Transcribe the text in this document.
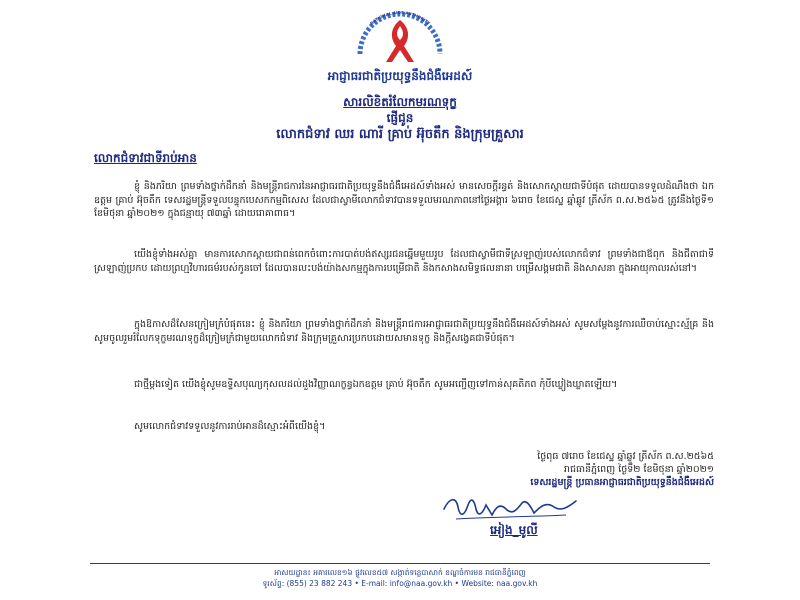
NATIONAL AIDS AUTHORITY
អាជ្ញាធរជាតិប្រយុទ្ធនឹងជំងឺអេដស៍
សារលិខិតរំលែកមរណទុក្ខ
ផ្ញើជូន
លោកជំទាវ ឈរ ណារី គ្រាប់ អ៊ុចតឹក និងក្រុមគ្រួសារ
លោកជំទាវជាទីរាប់អាន

ខ្ញុំ និងភរិយា ព្រមទាំងថ្នាក់ដឹកនាំ និងមន្រ្តីរាជការនៃអាជ្ញាធរជាតិប្រយុទ្ធនឹងជំងឺអេដស៍ទាំងអស់ មានសេចក្តីរន្ធត់ និងសោកស្តាយជាទីបំផុត ដោយបានទទួលដំណឹងថា ឯកឧត្តម គ្រាប់ អ៊ុចតឹក ទេសរដ្ឋមន្រ្តីទទួលបន្ទុកបេសកកម្មពិសេស ដែលជាស្វាមីលោកជំទាវបានទទួលមរណភាពនៅថ្ងៃអង្គារ ៦រោច ខែជេស្ឋ ឆ្នាំឆ្លូវ ត្រីស័ក ព.ស.២៥៦៥ ត្រូវនឹងថ្ងៃទី១ ខែមិថុនា ឆ្នាំ២០២១ ក្នុងជន្មាយុ ៧៣ឆ្នាំ ដោយរោគាពាធ។

យើងខ្ញុំទាំងអស់គ្នា មានការសោកស្តាយជាពន់ពេកចំពោះការបាត់បង់ឥស្សរជនឆ្នើមមួយរូប ដែលជាស្វាមីជាទីស្រឡាញ់របស់លោកជំទាវ ព្រមទាំងជាឪពុក និងជីតាជាទីស្រឡាញ់ប្រកប ដោយព្រហ្មវិហារធម៌របស់កូនចៅ ដែលបានលះបង់យ៉ាងសកម្មក្នុងការបម្រើជាតិ និងកសាងសមិទ្ធផលនានា បម្រើសង្គមជាតិ និងសាសនា ក្នុងអាយុកាលរស់នៅ។

ក្នុងឱកាសដ៏សែនក្រៀមក្រំបំផុតនេះ ខ្ញុំ និងភរិយា ព្រមទាំងថ្នាក់ដឹកនាំ និងមន្រ្តីរាជការអាជ្ញាធរជាតិប្រយុទ្ធនឹងជំងឺអេដស៍ទាំងអស់ សូមសម្តែងនូវការឈឺចាប់ស្មោះស្ម័គ្រ និងសូមចូលរួមរំលែកទុក្ខមរណទុក្ខដ៏ក្រៀមក្រំជាមួយលោកជំទាវ និងក្រុមគ្រួសារប្រកបដោយសមានទុក្ខ និងក្តីសង្វេគជាទីបំផុត។

ជាថ្មីម្តងទៀត យើងខ្ញុំសូមឧទ្ទិសបុណ្យកុសលដល់ដួងវិញ្ញាណក្ខន្ធឯកឧត្តម គ្រាប់ អ៊ុចតឹក សូមអញ្ជើញទៅកាន់សុគតិភព កុំបីឃ្លៀងឃ្លាតឡើយ។

សូមលោកជំទាវទទួលនូវការរាប់អានដ៏ស្មោះអំពីយើងខ្ញុំ។

ថ្ងៃពុធ ៧រោច ខែជេស្ឋ ឆ្នាំឆ្លូវ ត្រីស័ក ព.ស.២៥៦៥
រាជធានីភ្នំពេញ ថ្ងៃទី២ ខែមិថុនា ឆ្នាំ២០២១
ទេសរដ្ឋមន្រ្តី ប្រធានអាជ្ញាធរជាតិប្រយុទ្ធនឹងជំងឺអេដស៍
អៀង_មូលី
អាសយដ្ឋាន៖ អគារលេខ១៦ ផ្លូវលេខ៥៧ សង្កាត់ទន្លេបាសាក់ ខណ្ឌចំការមន រាជធានីភ្នំពេញ
ទូរស័ព្ទ: (855) 23 882 243 • E-mail: info@naa.gov.kh • Website: naa.gov.kh
